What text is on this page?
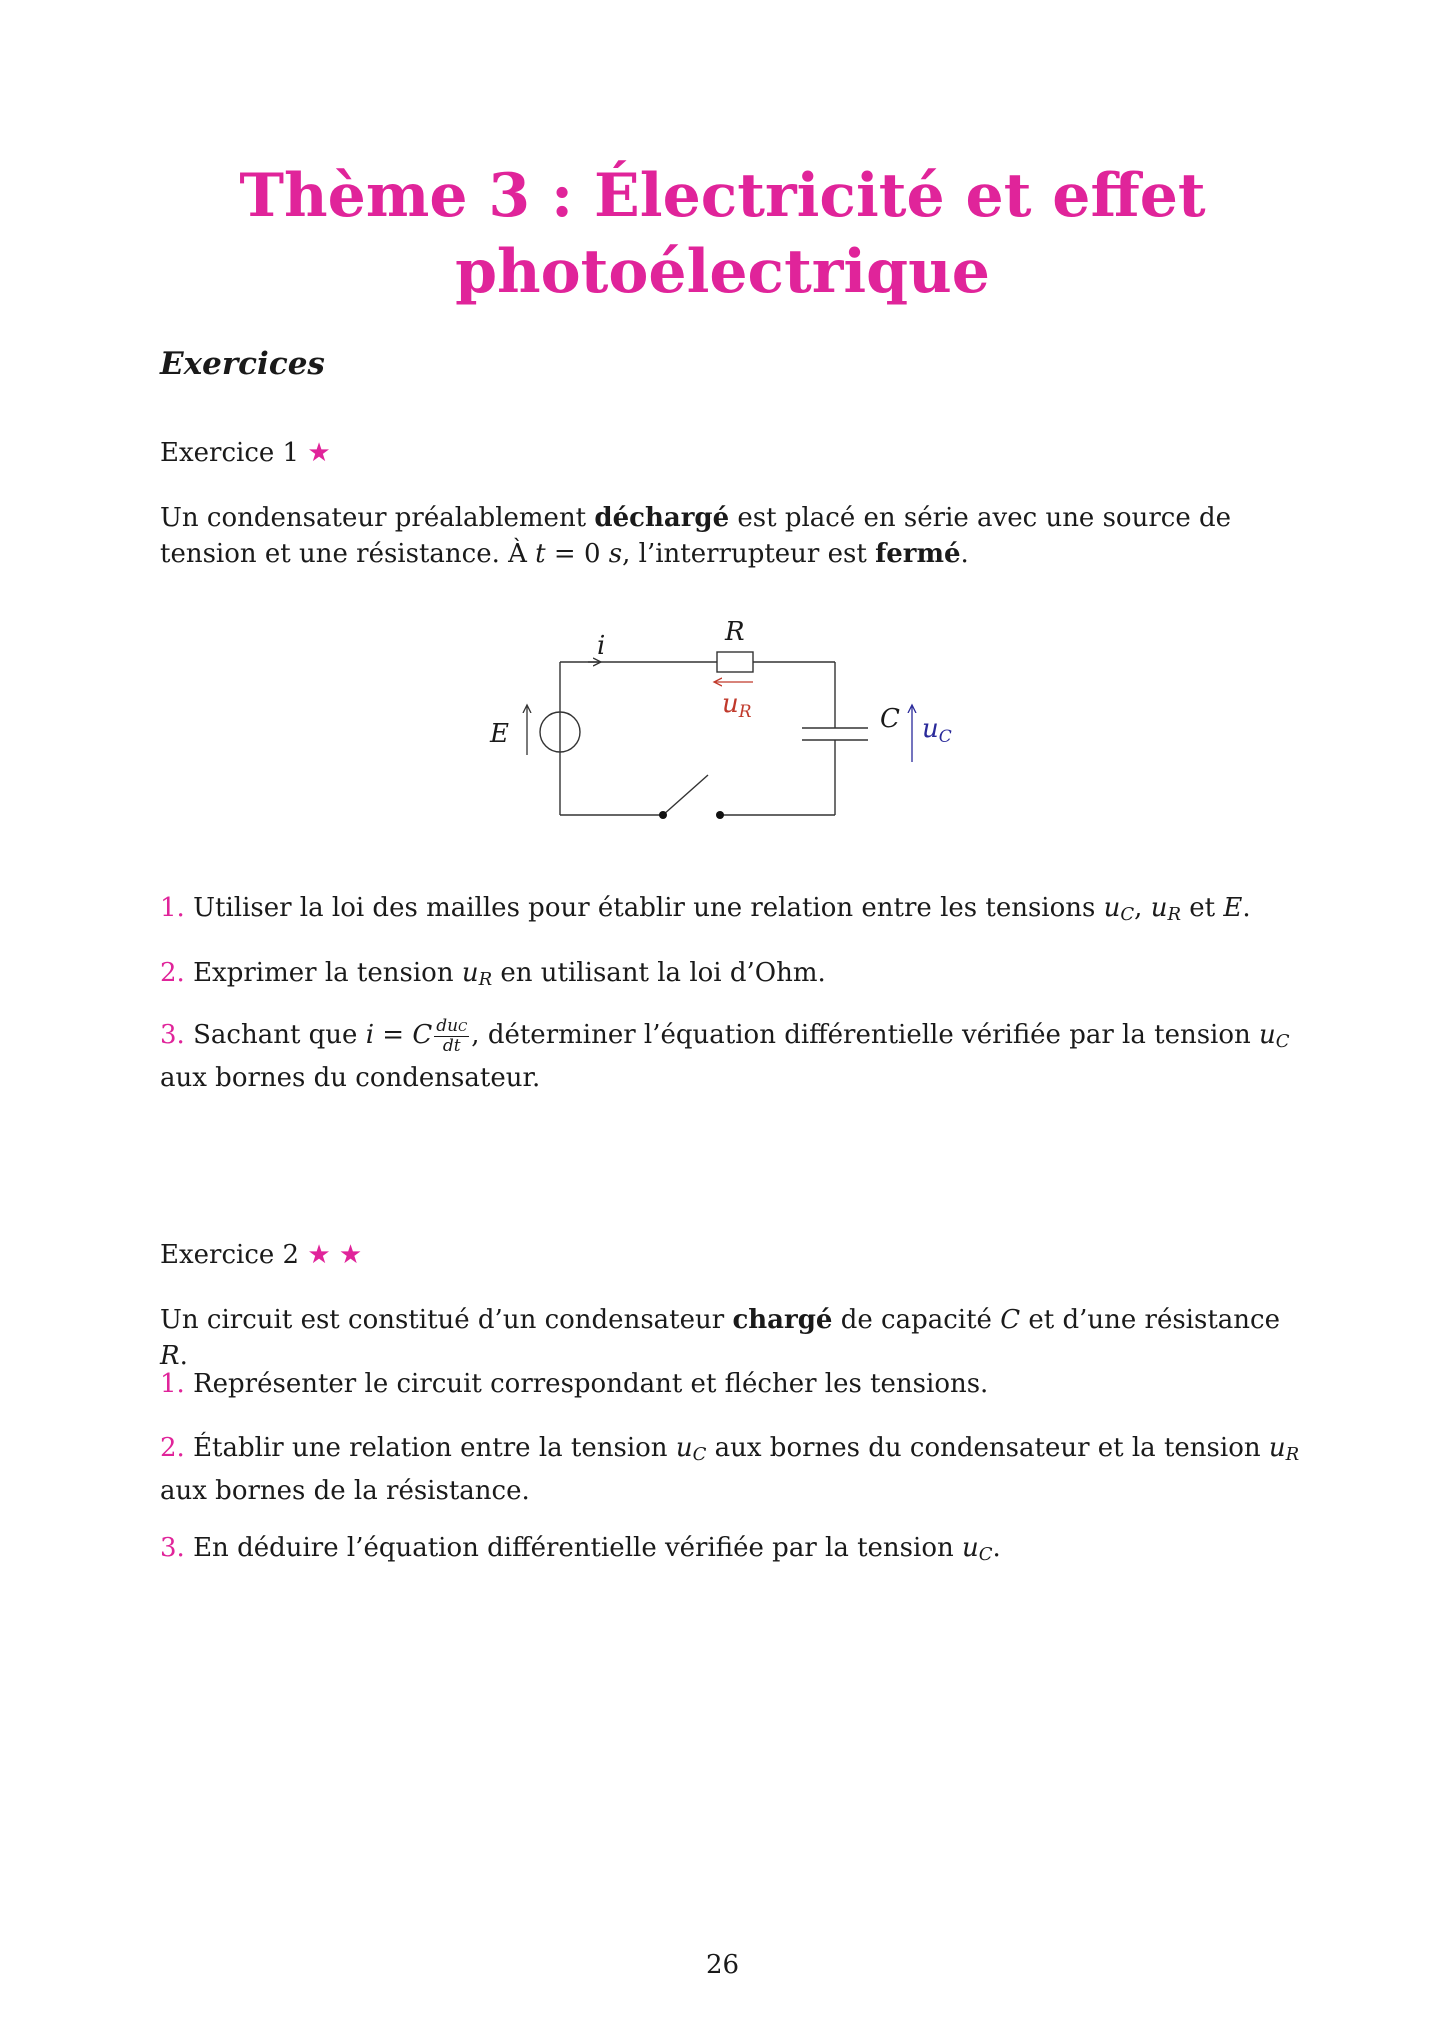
Thème 3 : Électricité et effet
photoélectrique
Exercices
Exercice 1 ★
Un condensateur préalablement déchargé est placé en série avec une source de tension et une résistance. À t = 0 s, l’interrupteur est fermé.
R
i
E	C
uR
uC
1. Utiliser la loi des mailles pour établir une relation entre les tensions $u_C$, $u_R$ et E.
2. Exprimer la tension $u_R$ en utilisant la loi d’Ohm.
3. Sachant que i = C $\frac{\text{duC}}{dt}$ , déterminer l’équation différentielle vérifiée par la tension $u_C$ aux bornes du condensateur.
Exercice 2 ★ ★
Un circuit est constitué d’un condensateur chargé de capacité C et d’une résistance R.
1. Représenter le circuit correspondant et flécher les tensions.
2. Établir une relation entre la tension $u_C$ aux bornes du condensateur et la tension $u_R$ aux bornes de la résistance.
3. En déduire l’équation différentielle vérifiée par la tension $u_C$.
26
